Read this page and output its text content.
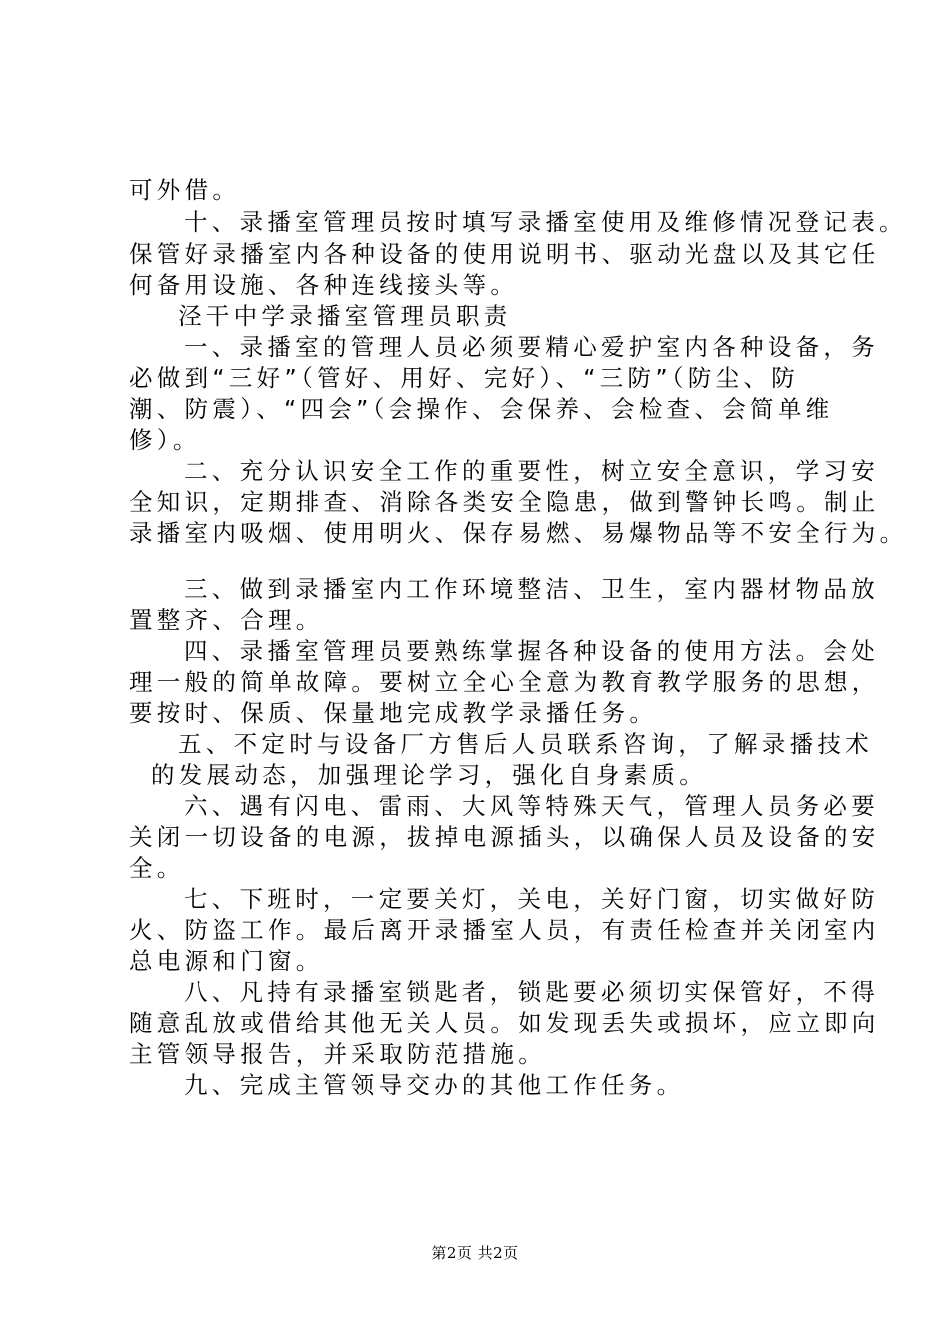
可外借。
十、录播室管理员按时填写录播室使用及维修情况登记表。
保管好录播室内各种设备的使用说明书、驱动光盘以及其它任
何备用设施、各种连线接头等。
泾干中学录播室管理员职责
一、录播室的管理人员必须要精心爱护室内各种设备，务
必做到“三好”（管好、用好、完好）、“三防”（防尘、防
潮、防震）、“四会”（会操作、会保养、会检查、会简单维
修）。
二、充分认识安全工作的重要性，树立安全意识，学习安
全知识，定期排查、消除各类安全隐患，做到警钟长鸣。制止
录播室内吸烟、使用明火、保存易燃、易爆物品等不安全行为。
三、做到录播室内工作环境整洁、卫生，室内器材物品放
置整齐、合理。
四、录播室管理员要熟练掌握各种设备的使用方法。会处
理一般的简单故障。要树立全心全意为教育教学服务的思想，
要按时、保质、保量地完成教学录播任务。
五、不定时与设备厂方售后人员联系咨询，了解录播技术
的发展动态，加强理论学习，强化自身素质。
六、遇有闪电、雷雨、大风等特殊天气，管理人员务必要
关闭一切设备的电源，拔掉电源插头，以确保人员及设备的安
全。
七、下班时，一定要关灯，关电，关好门窗，切实做好防
火、防盗工作。最后离开录播室人员，有责任检查并关闭室内
总电源和门窗。
八、凡持有录播室锁匙者，锁匙要必须切实保管好，不得
随意乱放或借给其他无关人员。如发现丢失或损坏，应立即向
主管领导报告，并采取防范措施。
九、完成主管领导交办的其他工作任务。
第2页 共2页
